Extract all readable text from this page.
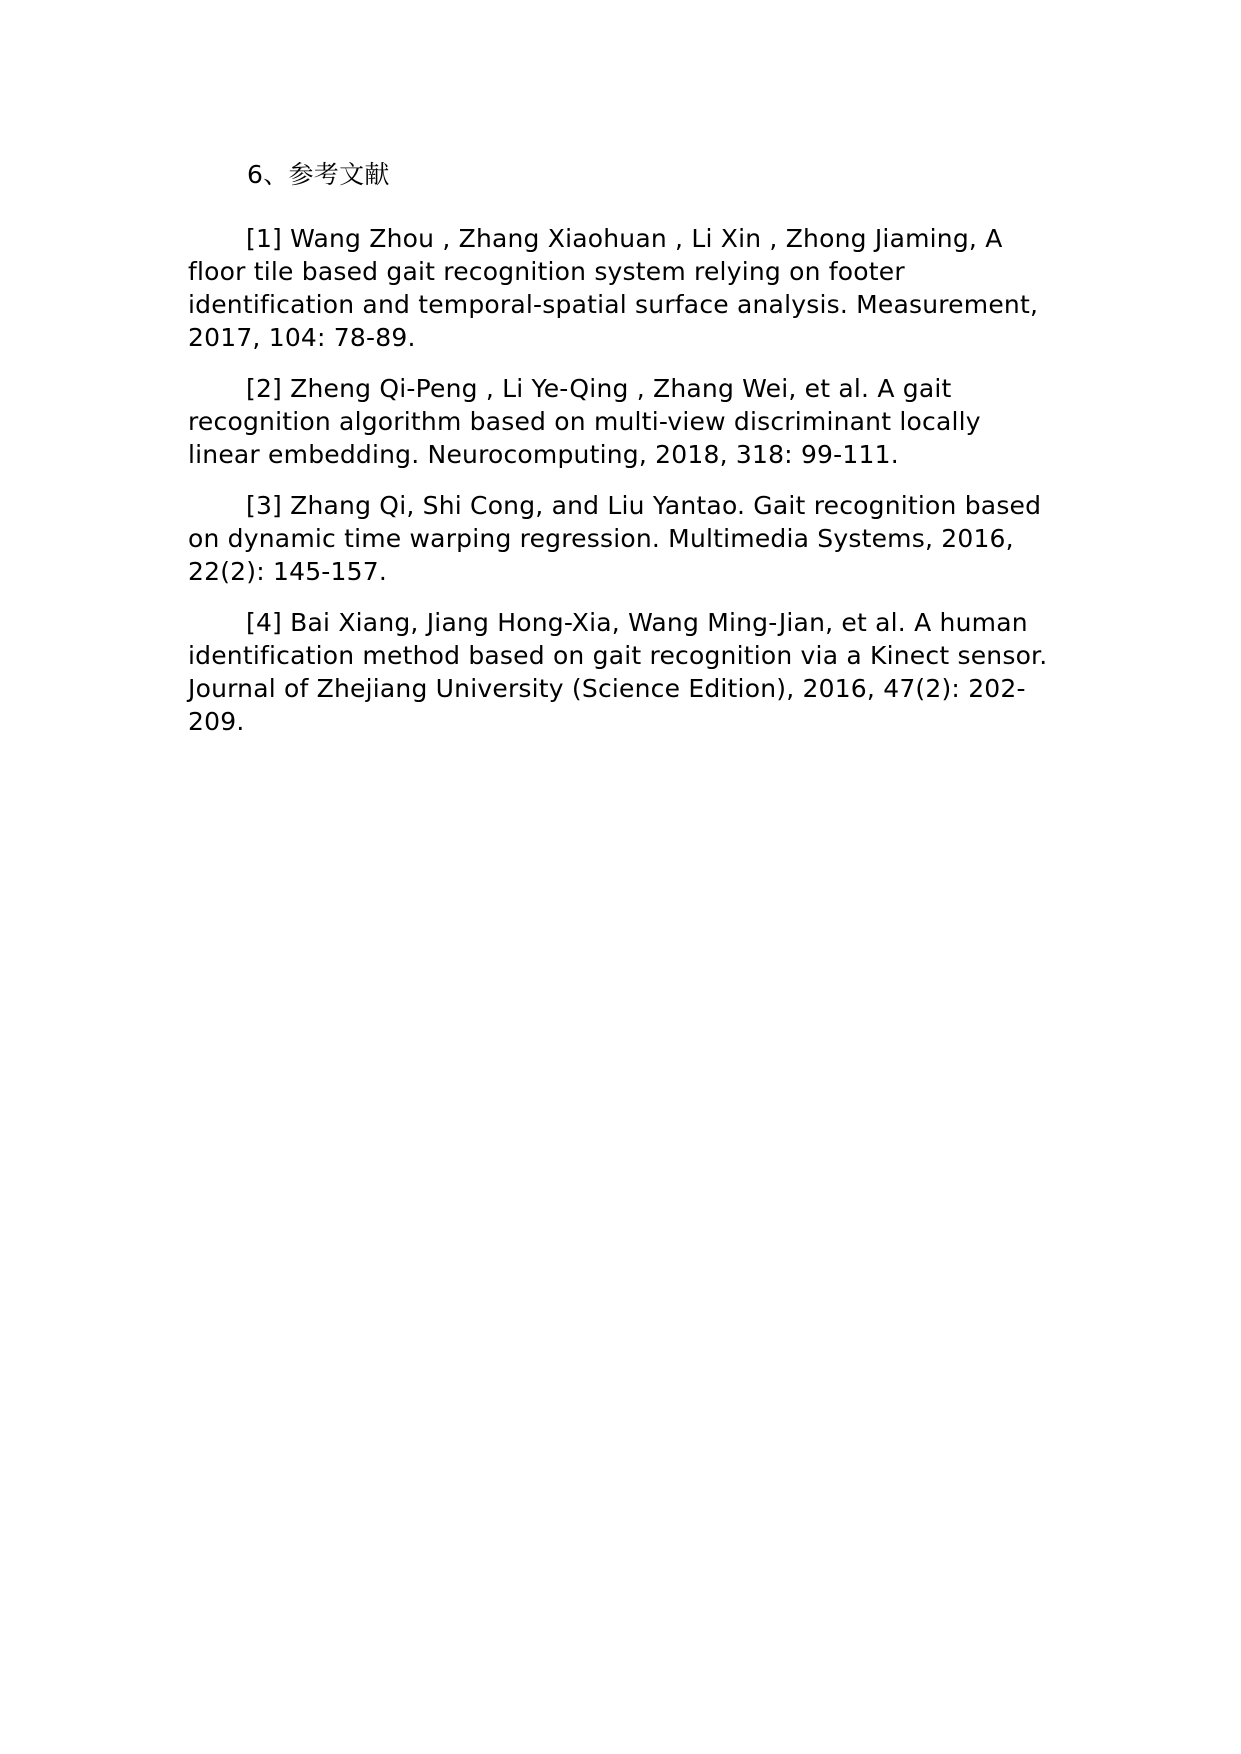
6、参考文献

[1] Wang Zhou , Zhang Xiaohuan , Li Xin , Zhong Jiaming, A floor tile based gait recognition system relying on footer identification and temporal-spatial surface analysis. Measurement, 2017, 104: 78-89.

[2] Zheng Qi-Peng , Li Ye-Qing , Zhang Wei, et al. A gait recognition algorithm based on multi-view discriminant locally linear embedding. Neurocomputing, 2018, 318: 99-111.

[3] Zhang Qi, Shi Cong, and Liu Yantao. Gait recognition based on dynamic time warping regression. Multimedia Systems, 2016, 22(2): 145-157.

[4] Bai Xiang, Jiang Hong-Xia, Wang Ming-Jian, et al. A human identification method based on gait recognition via a Kinect sensor. Journal of Zhejiang University (Science Edition), 2016, 47(2): 202-209.
